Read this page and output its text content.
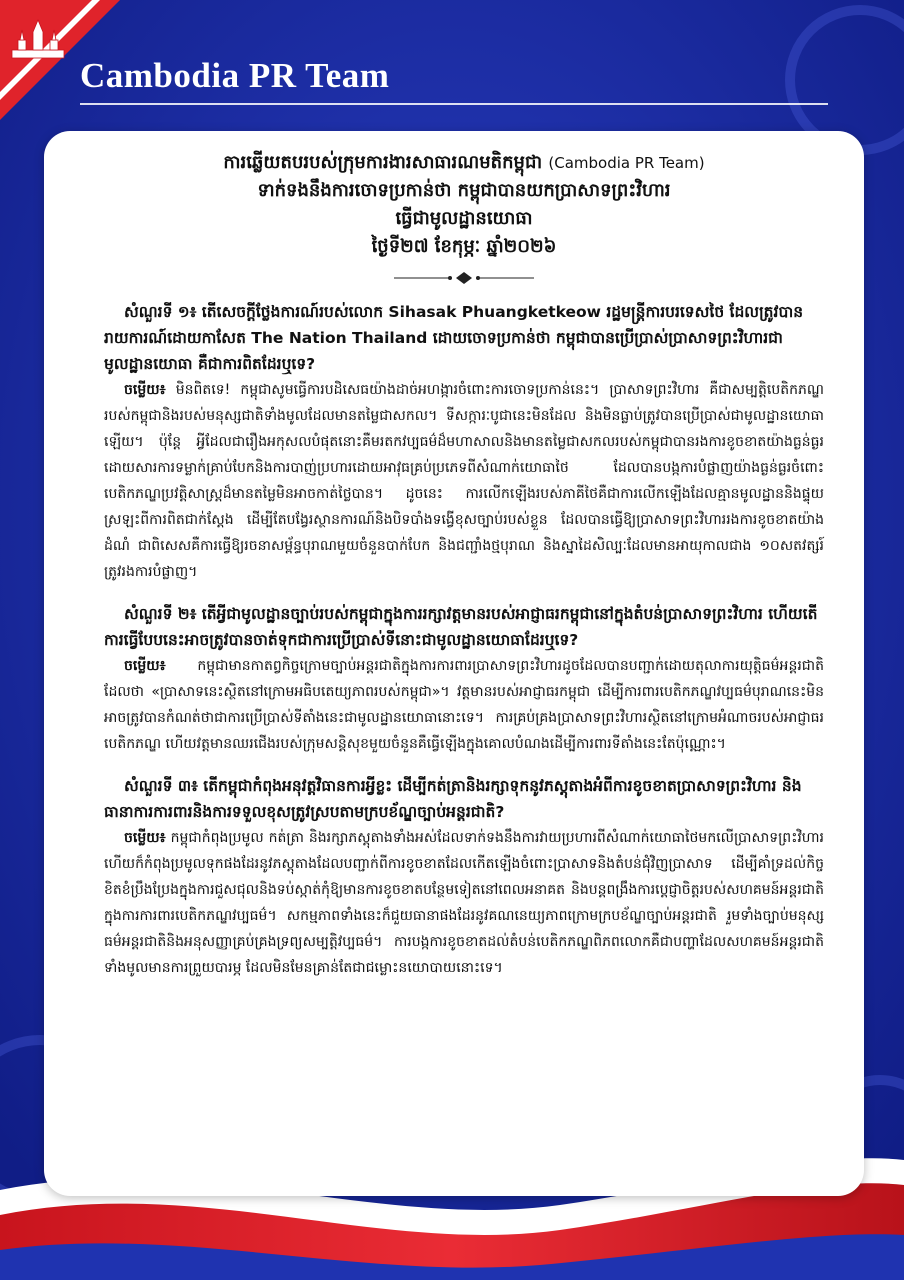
Cambodia PR Team
ការឆ្លើយតបរបស់ក្រុមការងារសាធារណមតិកម្ពុជា (Cambodia PR Team)
ទាក់ទងនឹងការចោទប្រកាន់ថា កម្ពុជាបានយកប្រាសាទព្រះវិហារ
ធ្វើជាមូលដ្ឋានយោធា
ថ្ងៃទី២៧ ខែកុម្ភៈ ឆ្នាំ២០២៦

សំណួរទី ១៖ តើសេចក្តីថ្លែងការណ៍របស់លោក Sihasak Phuangketkeow រដ្ឋមន្ត្រីការបរទេសថៃ ដែលត្រូវបានរាយការណ៍ដោយកាសែត The Nation Thailand ដោយចោទប្រកាន់ថា កម្ពុជាបានប្រើប្រាស់ប្រាសាទព្រះវិហារជាមូលដ្ឋានយោធា គឺជាការពិតដែរឬទេ?

ចម្លើយ៖ មិនពិតទេ! កម្ពុជាសូមធ្វើការបដិសេធយ៉ាងដាច់អហង្ការចំពោះការចោទប្រកាន់នេះ។ ប្រាសាទព្រះវិហារ គឺជាសម្បត្តិបេតិកភណ្ឌរបស់កម្ពុជានិងរបស់មនុស្សជាតិទាំងមូលដែលមានតម្លៃជាសកល។ ទីសក្ការៈបូជានេះមិនដែល និងមិនធ្លាប់ត្រូវបានប្រើប្រាស់ជាមូលដ្ឋានយោធាឡើយ។ ប៉ុន្តែ អ្វីដែលជារឿងអកុសលបំផុតនោះគឺមរតកវប្បធម៌ដ៏មហាសាលនិងមានតម្លៃជាសកលរបស់កម្ពុជាបានរងការខូចខាតយ៉ាងធ្ងន់ធ្ងរ ដោយសារការទម្លាក់គ្រាប់បែកនិងការបាញ់ប្រហារដោយអាវុធគ្រប់ប្រភេទពីសំណាក់យោធាថៃ ដែលបានបង្កការបំផ្លាញយ៉ាងធ្ងន់ធ្ងរចំពោះបេតិកភណ្ឌប្រវត្តិសាស្ត្រដ៏មានតម្លៃមិនអាចកាត់ថ្លៃបាន។ ដូចនេះ ការលើកឡើងរបស់ភាគីថៃគឺជាការលើកឡើងដែលគ្មានមូលដ្ឋាននិងផ្ទុយស្រឡះពីការពិតជាក់ស្តែង ដើម្បីតែបង្វែរស្ថានការណ៍និងបិទបាំងទង្វើខុសច្បាប់របស់ខ្លួន ដែលបានធ្វើឱ្យប្រាសាទព្រះវិហាររងការខូចខាតយ៉ាងដំណំ ជាពិសេសគឺការធ្វើឱ្យរចនាសម្ព័ន្ធបុរាណមួយចំនួនបាក់បែក និងជញ្ជាំងថ្មបុរាណ និងស្នាដៃសិល្បៈដែលមានអាយុកាលជាង ១០សតវត្សរ៍ ត្រូវរងការបំផ្លាញ។

សំណួរទី ២៖ តើអ្វីជាមូលដ្ឋានច្បាប់របស់កម្ពុជាក្នុងការរក្សាវត្តមានរបស់អាជ្ញាធរកម្ពុជានៅក្នុងតំបន់ប្រាសាទព្រះវិហារ ហើយតើការធ្វើបែបនេះអាចត្រូវបានចាត់ទុកជាការប្រើប្រាស់ទីនោះជាមូលដ្ឋានយោធាដែរឬទេ?

ចម្លើយ៖ កម្ពុជាមានកាតព្វកិច្ចក្រោមច្បាប់អន្តរជាតិក្នុងការការពារប្រាសាទព្រះវិហារដូចដែលបានបញ្ជាក់ដោយតុលាការយុត្តិធម៌អន្តរជាតិដែលថា «ប្រាសាទនេះស្ថិតនៅក្រោមអធិបតេយ្យភាពរបស់កម្ពុជា»។ វត្តមានរបស់អាជ្ញាធរកម្ពុជា ដើម្បីការពារបេតិកភណ្ឌវប្បធម៌បុរាណនេះមិនអាចត្រូវបានកំណត់ថាជាការប្រើប្រាស់ទីតាំងនេះជាមូលដ្ឋានយោធានោះទេ។ ការគ្រប់គ្រងប្រាសាទព្រះវិហារស្ថិតនៅក្រោមអំណាចរបស់អាជ្ញាធរបេតិកភណ្ឌ ហើយវត្តមានឈរជើងរបស់ក្រុមសន្តិសុខមួយចំនួនគឺធ្វើឡើងក្នុងគោលបំណងដើម្បីការពារទីតាំងនេះតែប៉ុណ្ណោះ។

សំណួរទី ៣៖ តើកម្ពុជាកំពុងអនុវត្តវិធានការអ្វីខ្លះ ដើម្បីកត់ត្រានិងរក្សាទុកនូវភស្តុតាងអំពីការខូចខាតប្រាសាទព្រះវិហារ និងធានាការការពារនិងការទទួលខុសត្រូវស្របតាមក្របខ័ណ្ឌច្បាប់អន្តរជាតិ?

ចម្លើយ៖ កម្ពុជាកំពុងប្រមូល កត់ត្រា និងរក្សាភស្តុតាងទាំងអស់ដែលទាក់ទងនឹងការវាយប្រហារពីសំណាក់យោធាថៃមកលើប្រាសាទព្រះវិហារ ហើយក៏កំពុងប្រមូលទុកផងដែរនូវភស្តុតាងដែលបញ្ជាក់ពីការខូចខាតដែលកើតឡើងចំពោះប្រាសាទនិងតំបន់ជុំវិញប្រាសាទ ដើម្បីគាំទ្រដល់កិច្ចខិតខំប្រឹងប្រែងក្នុងការជួសជុលនិងទប់ស្កាត់កុំឱ្យមានការខូចខាតបន្ថែមទៀតនៅពេលអនាគត និងបន្តពង្រឹងការប្តេជ្ញាចិត្តរបស់សហគមន៍អន្តរជាតិក្នុងការការពារបេតិកភណ្ឌវប្បធម៌។ សកម្មភាពទាំងនេះក៏ជួយធានាផងដែរនូវគណនេយ្យភាពក្រោមក្របខ័ណ្ឌច្បាប់អន្តរជាតិ រួមទាំងច្បាប់មនុស្សធម៌អន្តរជាតិនិងអនុសញ្ញាគ្រប់គ្រងទ្រព្យសម្បត្តិវប្បធម៌។ ការបង្កការខូចខាតដល់តំបន់បេតិកភណ្ឌពិភពលោកគឺជាបញ្ហាដែលសហគមន៍អន្តរជាតិទាំងមូលមានការព្រួយបារម្ភ ដែលមិនមែនគ្រាន់តែជាជម្លោះនយោបាយនោះទេ។
